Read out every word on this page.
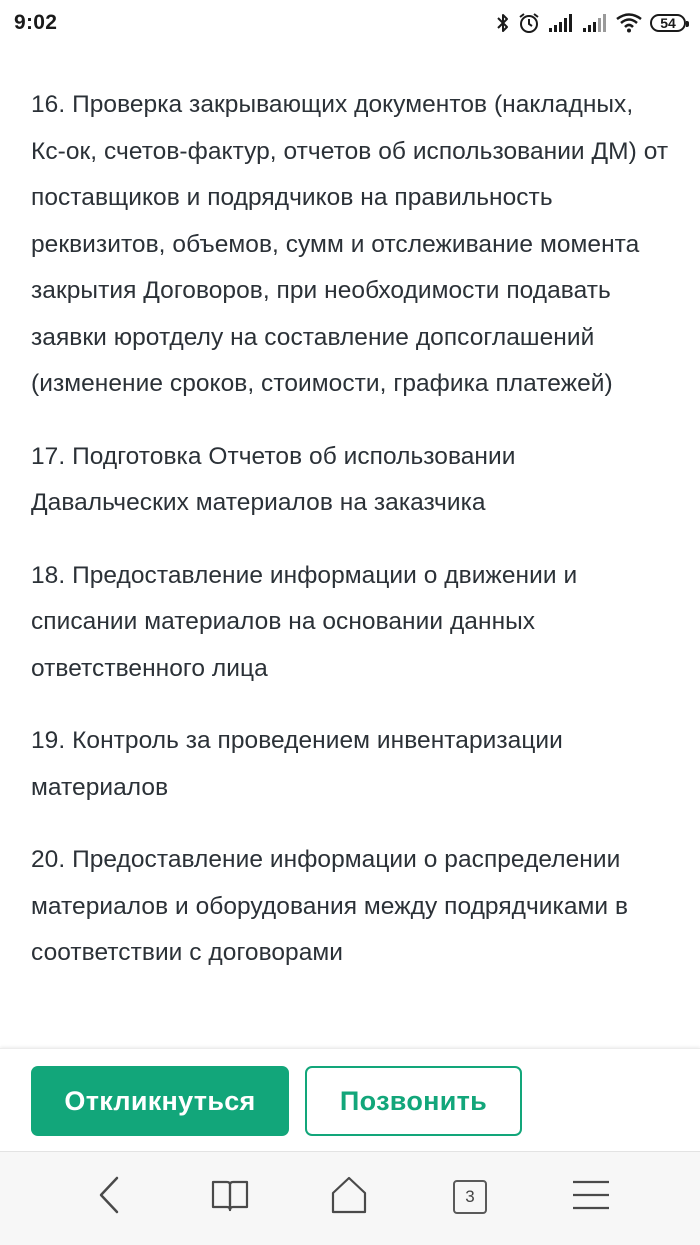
9:02	54

16. Проверка закрывающих документов (накладных, Кс-ок, счетов-фактур, отчетов об использовании ДМ) от поставщиков и подрядчиков на правильность реквизитов, объемов, сумм и отслеживание момента закрытия Договоров, при необходимости подавать заявки юротделу на составление допсоглашений (изменение сроков, стоимости, графика платежей)

17. Подготовка Отчетов об использовании Давальческих материалов на заказчика

18. Предоставление информации о движении и списании материалов на основании данных ответственного лица

19. Контроль за проведением инвентаризации материалов

20. Предоставление информации о распределении материалов и оборудования между подрядчиками в соответствии с договорами

Откликнуться	Позвонить
3
